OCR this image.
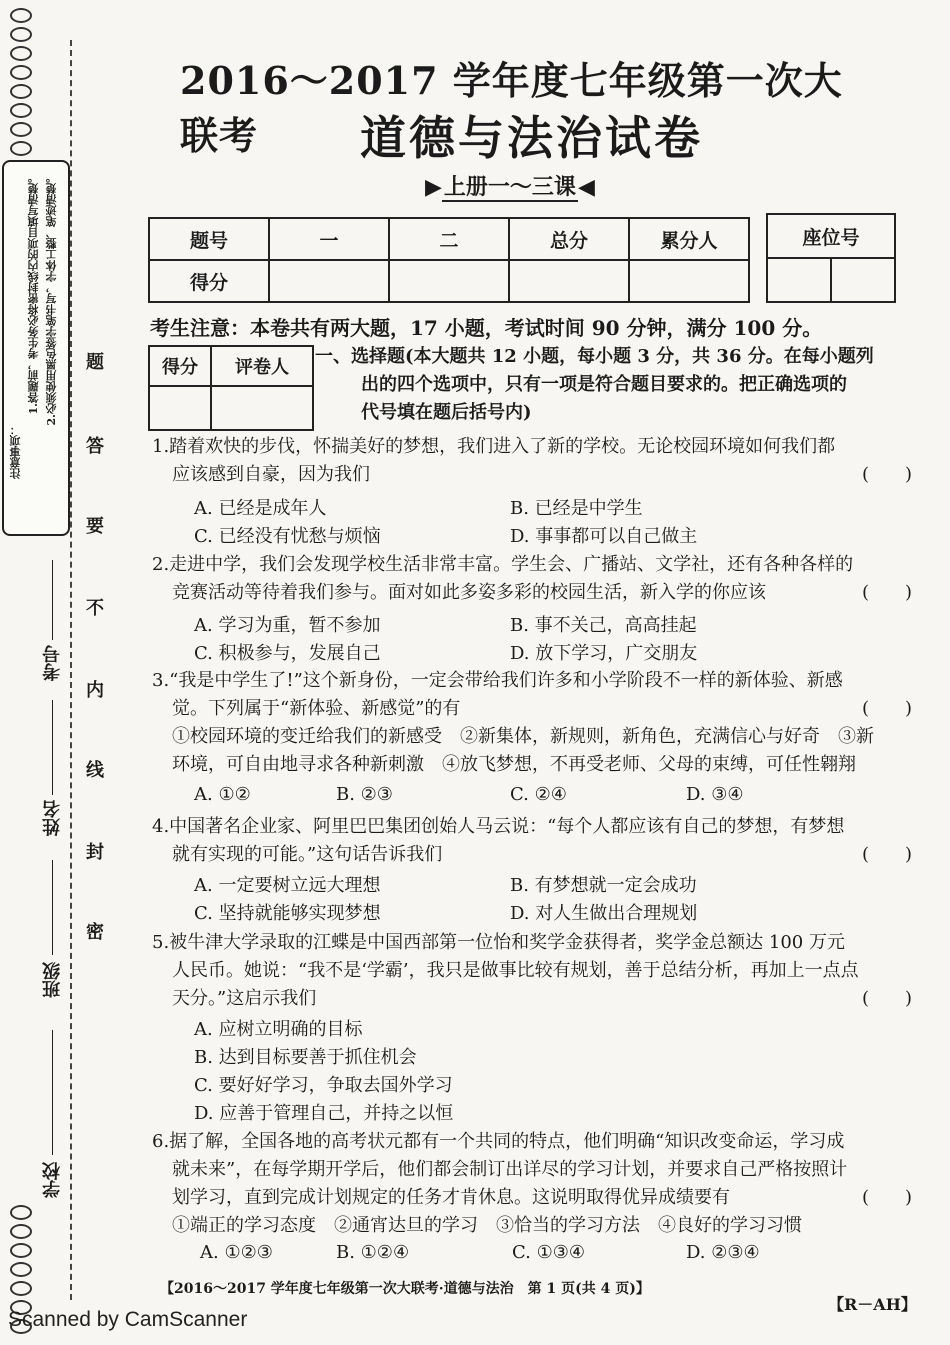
注意事项：
1.答题前，考生务必将密封线内的项目填写清楚。 2.必须使用黑色签字笔书写，字体工整、笔迹清楚。 题
答
要
不
内
线
封
密
考号
姓名
班级
学校
2016～2017 学年度七年级第一次大联考	道德与法治试卷
▶上册一～三课◀
题号	一	二	总分	累分人
得分				
座位号

考生注意：本卷共有两大题，17 小题，考试时间 90 分钟，满分 100 分。
得分	评卷人

一、选择题(本大题共 12 小题，每小题 3 分，共 36 分。在每小题列
出的四个选项中，只有一项是符合题目要求的。把正确选项的
代号填在题后括号内)
1.踏着欢快的步伐，怀揣美好的梦想，我们进入了新的学校。无论校园环境如何我们都
应该感到自豪，因为我们	(　　)
A. 已经是成年人	B. 已经是中学生
C. 已经没有忧愁与烦恼	D. 事事都可以自己做主
2.走进中学，我们会发现学校生活非常丰富。学生会、广播站、文学社，还有各种各样的
竞赛活动等待着我们参与。面对如此多姿多彩的校园生活，新入学的你应该	(　　)
A. 学习为重，暂不参加	B. 事不关己，高高挂起
C. 积极参与，发展自己	D. 放下学习，广交朋友
3.“我是中学生了!”这个新身份，一定会带给我们许多和小学阶段不一样的新体验、新感
觉。下列属于“新体验、新感觉”的有
①校园环境的变迁给我们的新感受　②新集体，新规则，新角色，充满信心与好奇　③新
环境，可自由地寻求各种新刺激　④放飞梦想，不再受老师、父母的束缚，可任性翱翔
(　　)
A. ①②	B. ②③	C. ②④	D. ③④
4.中国著名企业家、阿里巴巴集团创始人马云说：“每个人都应该有自己的梦想，有梦想
就有实现的可能。”这句话告诉我们	(　　)
A. 一定要树立远大理想	B. 有梦想就一定会成功
C. 坚持就能够实现梦想	D. 对人生做出合理规划
5.被牛津大学录取的江蝶是中国西部第一位怡和奖学金获得者，奖学金总额达 100 万元
人民币。她说：“我不是‘学霸’，我只是做事比较有规划，善于总结分析，再加上一点点
天分。”这启示我们	(　　)
A. 应树立明确的目标
B. 达到目标要善于抓住机会
C. 要好好学习，争取去国外学习
D. 应善于管理自己，并持之以恒
6.据了解，全国各地的高考状元都有一个共同的特点，他们明确“知识改变命运，学习成
就未来”，在每学期开学后，他们都会制订出详尽的学习计划，并要求自己严格按照计
划学习，直到完成计划规定的任务才肯休息。这说明取得优异成绩要有
①端正的学习态度　②通宵达旦的学习　③恰当的学习方法　④良好的学习习惯
(　　)
A. ①②③	B. ①②④	C. ①③④	D. ②③④
【2016～2017 学年度七年级第一次大联考·道德与法治　第 1 页(共 4 页)】
【R－AH】
Scanned by CamScanner
